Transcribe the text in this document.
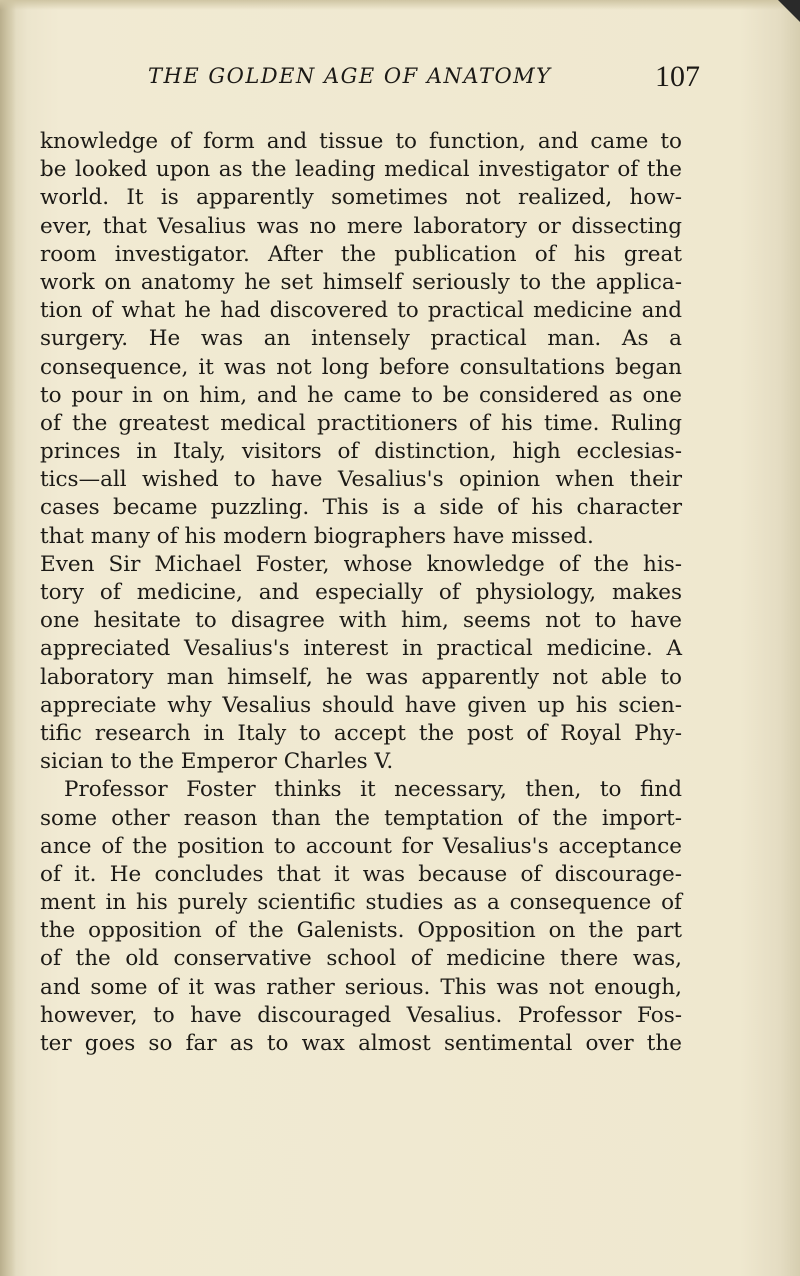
THE GOLDEN AGE OF ANATOMY	107
knowledge of form and tissue to function, and came to
be looked upon as the leading medical investigator of the
world. It is apparently sometimes not realized, how-
ever, that Vesalius was no mere laboratory or dissecting
room investigator. After the publication of his great
work on anatomy he set himself seriously to the applica-
tion of what he had discovered to practical medicine and
surgery. He was an intensely practical man. As a
consequence, it was not long before consultations began
to pour in on him, and he came to be considered as one
of the greatest medical practitioners of his time. Ruling
princes in Italy, visitors of distinction, high ecclesias-
tics—all wished to have Vesalius's opinion when their
cases became puzzling. This is a side of his character
that many of his modern biographers have missed.
Even Sir Michael Foster, whose knowledge of the his-
tory of medicine, and especially of physiology, makes
one hesitate to disagree with him, seems not to have
appreciated Vesalius's interest in practical medicine. A
laboratory man himself, he was apparently not able to
appreciate why Vesalius should have given up his scien-
tific research in Italy to accept the post of Royal Phy-
sician to the Emperor Charles V.
Professor Foster thinks it necessary, then, to find
some other reason than the temptation of the import-
ance of the position to account for Vesalius's acceptance
of it. He concludes that it was because of discourage-
ment in his purely scientific studies as a consequence of
the opposition of the Galenists. Opposition on the part
of the old conservative school of medicine there was,
and some of it was rather serious. This was not enough,
however, to have discouraged Vesalius. Professor Fos-
ter goes so far as to wax almost sentimental over the
